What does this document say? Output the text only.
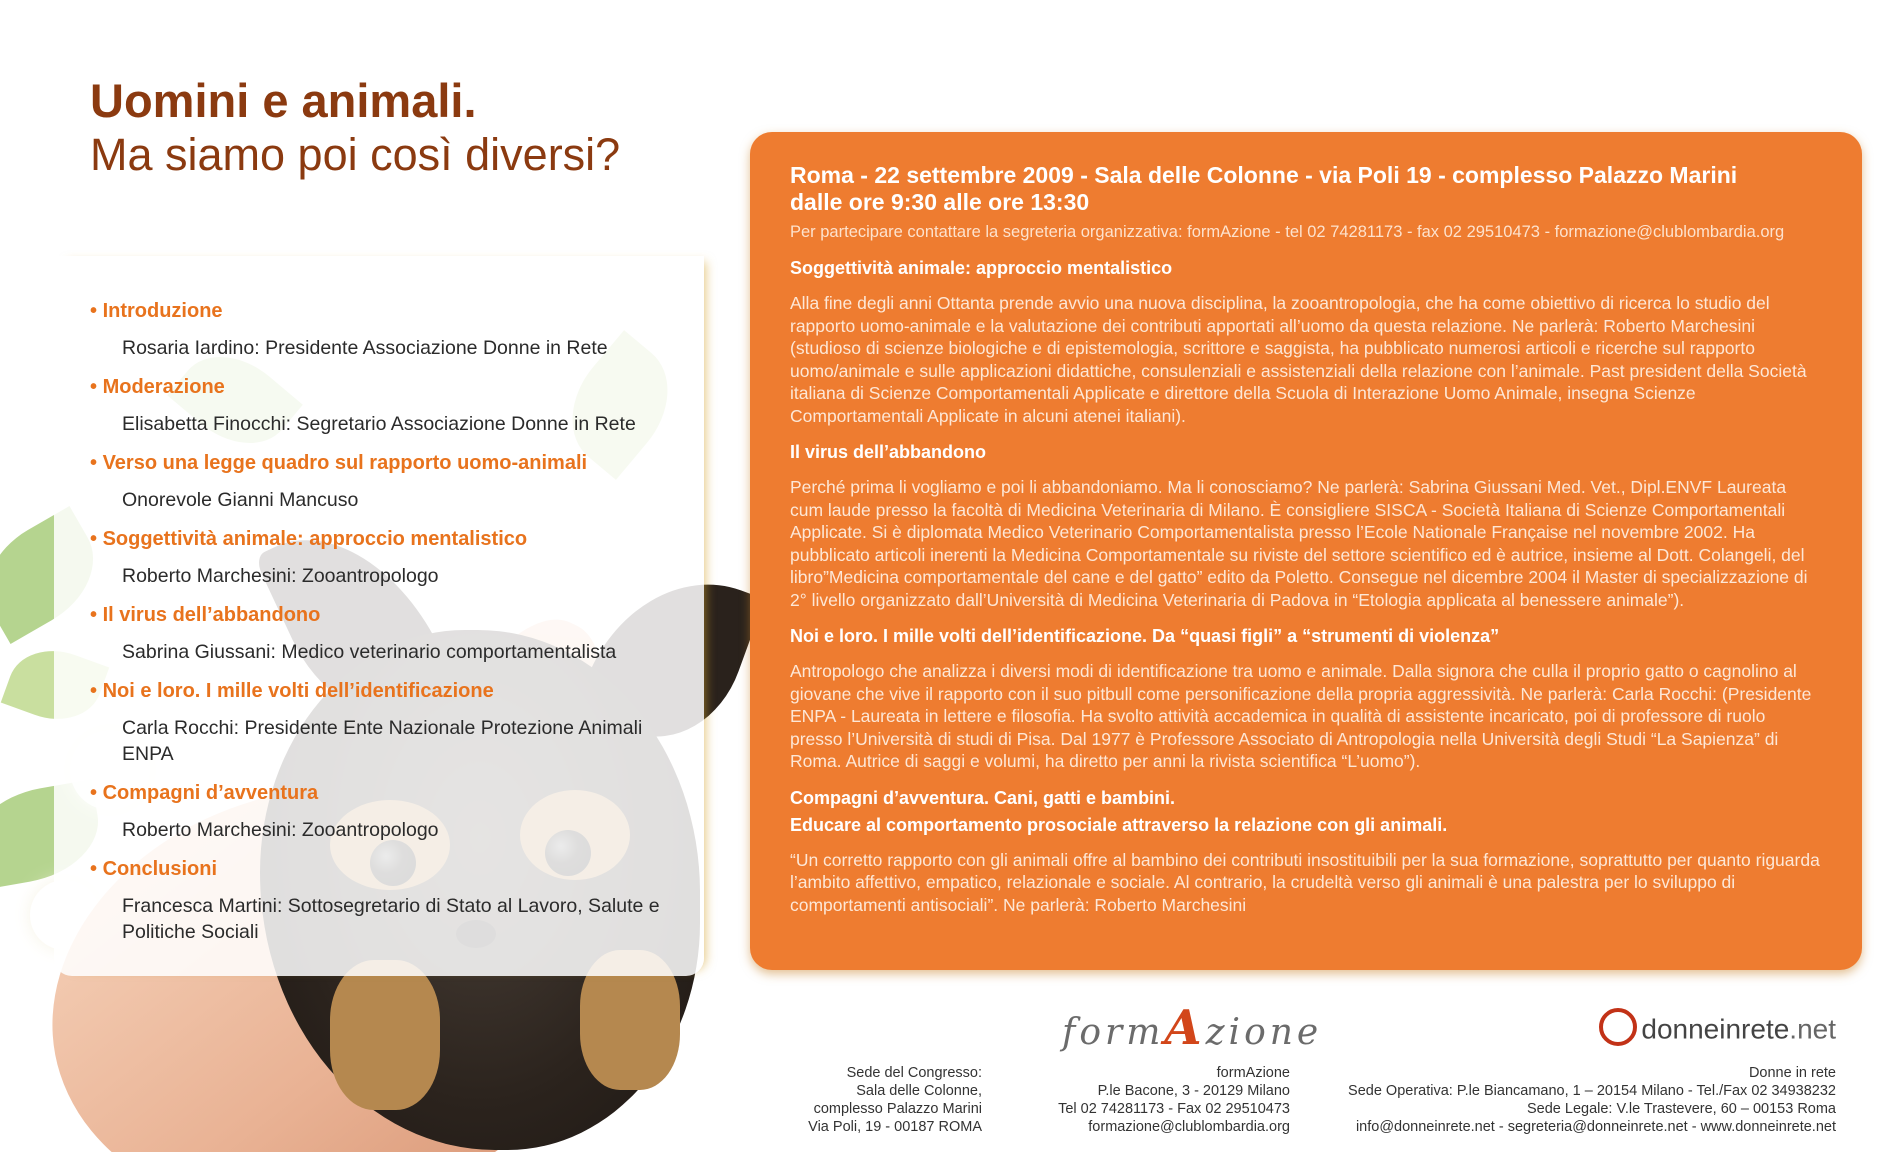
Uomini e animali.
Ma siamo poi così diversi?
• Introduzione
Rosaria Iardino: Presidente Associazione Donne in Rete
• Moderazione
Elisabetta Finocchi: Segretario Associazione Donne in Rete
• Verso una legge quadro sul rapporto uomo-animali
Onorevole Gianni Mancuso
• Soggettività animale: approccio mentalistico
Roberto Marchesini: Zooantropologo
• Il virus dell’abbandono
Sabrina Giussani: Medico veterinario comportamentalista
• Noi e loro. I mille volti dell’identificazione
Carla Rocchi: Presidente Ente Nazionale Protezione Animali ENPA
• Compagni d’avventura
Roberto Marchesini: Zooantropologo
• Conclusioni
Francesca Martini: Sottosegretario di Stato al Lavoro, Salute e Politiche Sociali
Roma - 22 settembre 2009 - Sala delle Colonne - via Poli 19 - complesso Palazzo Marini
dalle ore 9:30 alle ore 13:30
Per partecipare contattare la segreteria organizzativa: formAzione - tel 02 74281173 - fax 02 29510473 - formazione@clublombardia.org
Soggettività animale: approccio mentalistico
Alla fine degli anni Ottanta prende avvio una nuova disciplina, la zooantropologia, che ha come obiettivo di ricerca lo studio del rapporto uomo-animale e la valutazione dei contributi apportati all’uomo da questa relazione. Ne parlerà: Roberto Marchesini (studioso di scienze biologiche e di epistemologia, scrittore e saggista, ha pubblicato numerosi articoli e ricerche sul rapporto uomo/animale e sulle applicazioni didattiche, consulenziali e assistenziali della relazione con l’animale. Past president della Società italiana di Scienze Comportamentali Applicate e direttore della Scuola di Interazione Uomo Animale, insegna Scienze Comportamentali Applicate in alcuni atenei italiani).
Il virus dell’abbandono
Perché prima li vogliamo e poi li abbandoniamo. Ma li conosciamo? Ne parlerà: Sabrina Giussani Med. Vet., Dipl.ENVF Laureata cum laude presso la facoltà di Medicina Veterinaria di Milano. È consigliere SISCA - Società Italiana di Scienze Comportamentali Applicate. Si è diplomata Medico Veterinario Comportamentalista presso l’Ecole Nationale Française nel novembre 2002. Ha pubblicato articoli inerenti la Medicina Comportamentale su riviste del settore scientifico ed è autrice, insieme al Dott. Colangeli, del libro”Medicina comportamentale del cane e del gatto” edito da Poletto. Consegue nel dicembre 2004 il Master di specializzazione di 2° livello organizzato dall’Università di Medicina Veterinaria di Padova in “Etologia applicata al benessere animale”).
Noi e loro. I mille volti dell’identificazione. Da “quasi figli” a “strumenti di violenza”
Antropologo che analizza i diversi modi di identificazione tra uomo e animale. Dalla signora che culla il proprio gatto o cagnolino al giovane che vive il rapporto con il suo pitbull come personificazione della propria aggressività. Ne parlerà: Carla Rocchi: (Presidente ENPA - Laureata in lettere e filosofia. Ha svolto attività accademica in qualità di assistente incaricato, poi di professore di ruolo presso l’Università di studi di Pisa. Dal 1977 è Professore Associato di Antropologia nella Università degli Studi “La Sapienza” di Roma. Autrice di saggi e volumi, ha diretto per anni la rivista scientifica “L’uomo”).
Compagni d’avventura. Cani, gatti e bambini.
Educare al comportamento prosociale attraverso la relazione con gli animali.
“Un corretto rapporto con gli animali offre al bambino dei contributi insostituibili per la sua formazione, soprattutto per quanto riguarda l’ambito affettivo, empatico, relazionale e sociale. Al contrario, la crudeltà verso gli animali è una palestra per lo sviluppo di comportamenti antisociali”. Ne parlerà: Roberto Marchesini
formAzione	donneinrete.net
Sede del Congresso:
Sala delle Colonne,
complesso Palazzo Marini
Via Poli, 19 - 00187 ROMA
formAzione
P.le Bacone, 3 - 20129 Milano
Tel 02 74281173 - Fax 02 29510473
formazione@clublombardia.org
Donne in rete
Sede Operativa: P.le Biancamano, 1 – 20154 Milano - Tel./Fax 02 34938232
Sede Legale: V.le Trastevere, 60 – 00153 Roma
info@donneinrete.net - segreteria@donneinrete.net - www.donneinrete.net
